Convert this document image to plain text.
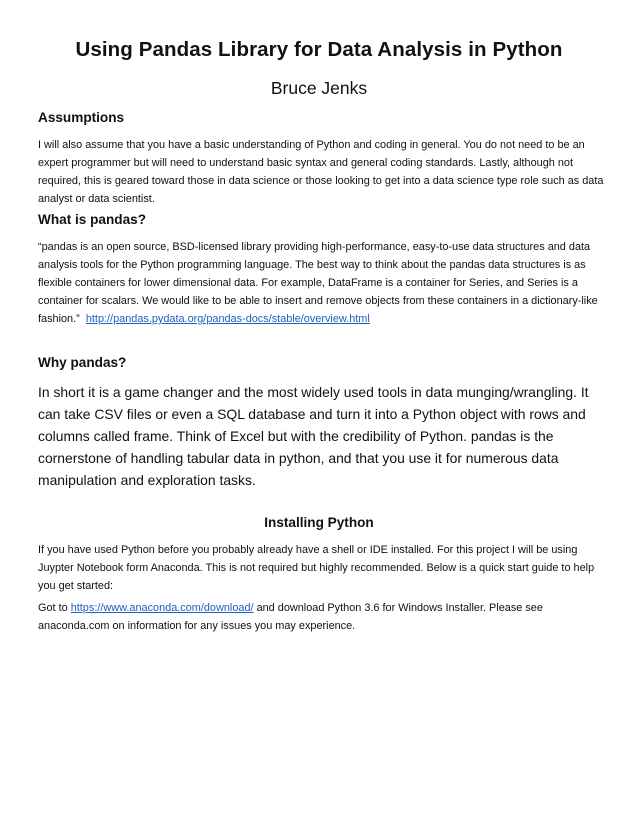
Using Pandas Library for Data Analysis in Python
Bruce Jenks
Assumptions

I will also assume that you have a basic understanding of Python and coding in general. You do not need to be an expert programmer but will need to understand basic syntax and general coding standards. Lastly, although not required, this is geared toward those in data science or those looking to get into a data science type role such as data analyst or data scientist.

What is pandas?

“pandas is an open source, BSD-licensed library providing high-performance, easy-to-use data structures and data analysis tools for the Python programming language. The best way to think about the pandas data structures is as flexible containers for lower dimensional data. For example, DataFrame is a container for Series, and Series is a container for scalars. We would like to be able to insert and remove objects from these containers in a dictionary-like fashion.” http://pandas.pydata.org/pandas-docs/stable/overview.html

Why pandas?

In short it is a game changer and the most widely used tools in data munging/wrangling. It can take CSV files or even a SQL database and turn it into a Python object with rows and columns called frame. Think of Excel but with the credibility of Python. pandas is the cornerstone of handling tabular data in python, and that you use it for numerous data manipulation and exploration tasks.

Installing Python

If you have used Python before you probably already have a shell or IDE installed. For this project I will be using Juypter Notebook form Anaconda. This is not required but highly recommended. Below is a quick start guide to help you get started:

Got to https://www.anaconda.com/download/ and download Python 3.6 for Windows Installer. Please see anaconda.com on information for any issues you may experience.
